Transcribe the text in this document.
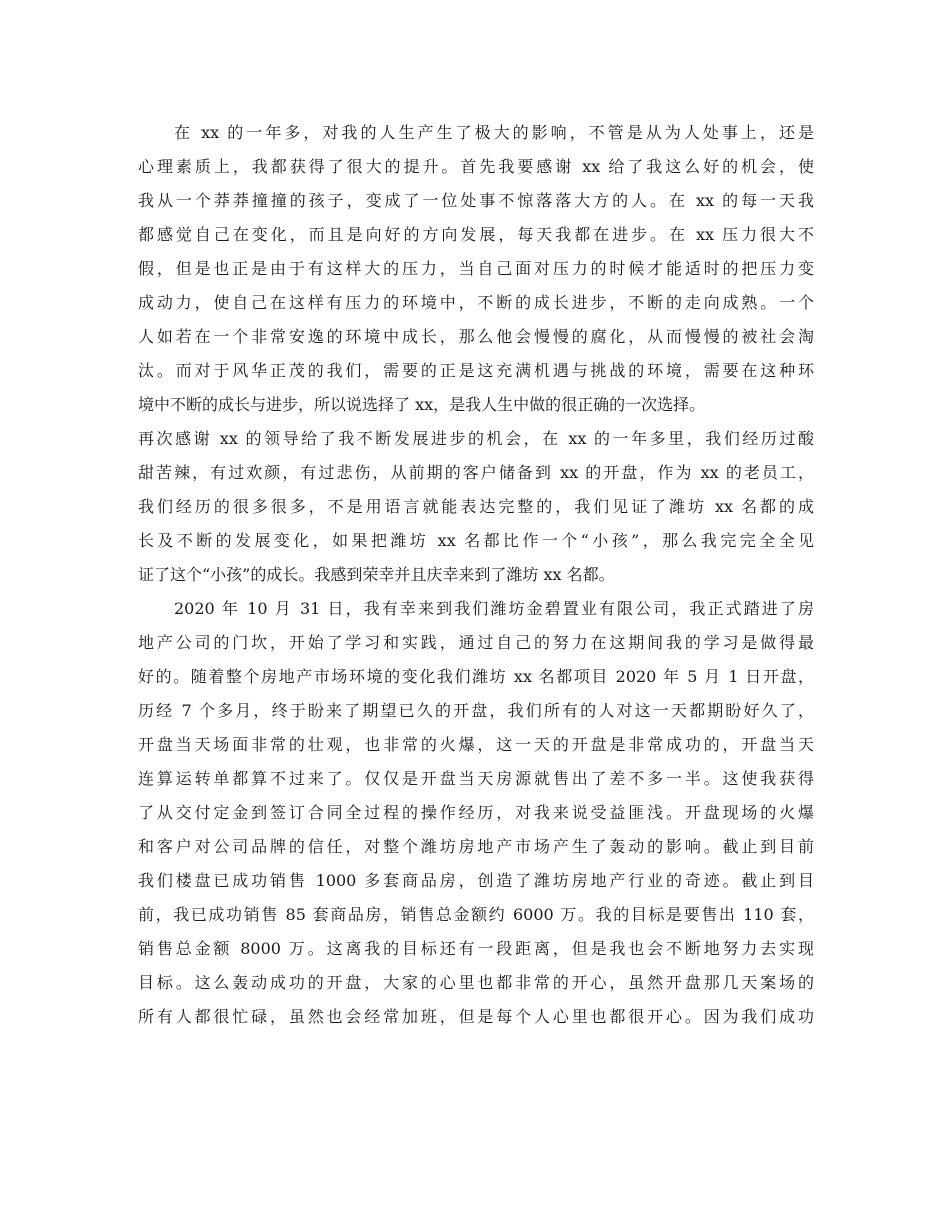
在 xx 的一年多，对我的人生产生了极大的影响，不管是从为人处事上，还是
心理素质上，我都获得了很大的提升。首先我要感谢 xx 给了我这么好的机会，使
我从一个莽莽撞撞的孩子，变成了一位处事不惊落落大方的人。在 xx 的每一天我
都感觉自己在变化，而且是向好的方向发展，每天我都在进步。在 xx 压力很大不
假，但是也正是由于有这样大的压力，当自己面对压力的时候才能适时的把压力变
成动力，使自己在这样有压力的环境中，不断的成长进步，不断的走向成熟。一个
人如若在一个非常安逸的环境中成长，那么他会慢慢的腐化，从而慢慢的被社会淘
汰。而对于风华正茂的我们，需要的正是这充满机遇与挑战的环境，需要在这种环
境中不断的成长与进步，所以说选择了 xx，是我人生中做的很正确的一次选择。
再次感谢 xx 的领导给了我不断发展进步的机会，在 xx 的一年多里，我们经历过酸
甜苦辣，有过欢颜，有过悲伤，从前期的客户储备到 xx 的开盘，作为 xx 的老员工，
我们经历的很多很多，不是用语言就能表达完整的，我们见证了潍坊 xx 名都的成
长及不断的发展变化，如果把潍坊 xx 名都比作一个“小孩”，那么我完完全全见
证了这个“小孩”的成长。我感到荣幸并且庆幸来到了潍坊 xx 名都。
2020 年 10 月 31 日，我有幸来到我们潍坊金碧置业有限公司，我正式踏进了房
地产公司的门坎，开始了学习和实践，通过自己的努力在这期间我的学习是做得最
好的。随着整个房地产市场环境的变化我们潍坊 xx 名都项目 2020 年 5 月 1 日开盘，
历经 7 个多月，终于盼来了期望已久的开盘，我们所有的人对这一天都期盼好久了，
开盘当天场面非常的壮观，也非常的火爆，这一天的开盘是非常成功的，开盘当天
连算运转单都算不过来了。仅仅是开盘当天房源就售出了差不多一半。这使我获得
了从交付定金到签订合同全过程的操作经历，对我来说受益匪浅。开盘现场的火爆
和客户对公司品牌的信任，对整个潍坊房地产市场产生了轰动的影响。截止到目前
我们楼盘已成功销售 1000 多套商品房，创造了潍坊房地产行业的奇迹。截止到目
前，我已成功销售 85 套商品房，销售总金额约 6000 万。我的目标是要售出 110 套，
销售总金额 8000 万。这离我的目标还有一段距离，但是我也会不断地努力去实现
目标。这么轰动成功的开盘，大家的心里也都非常的开心，虽然开盘那几天案场的
所有人都很忙碌，虽然也会经常加班，但是每个人心里也都很开心。因为我们成功
